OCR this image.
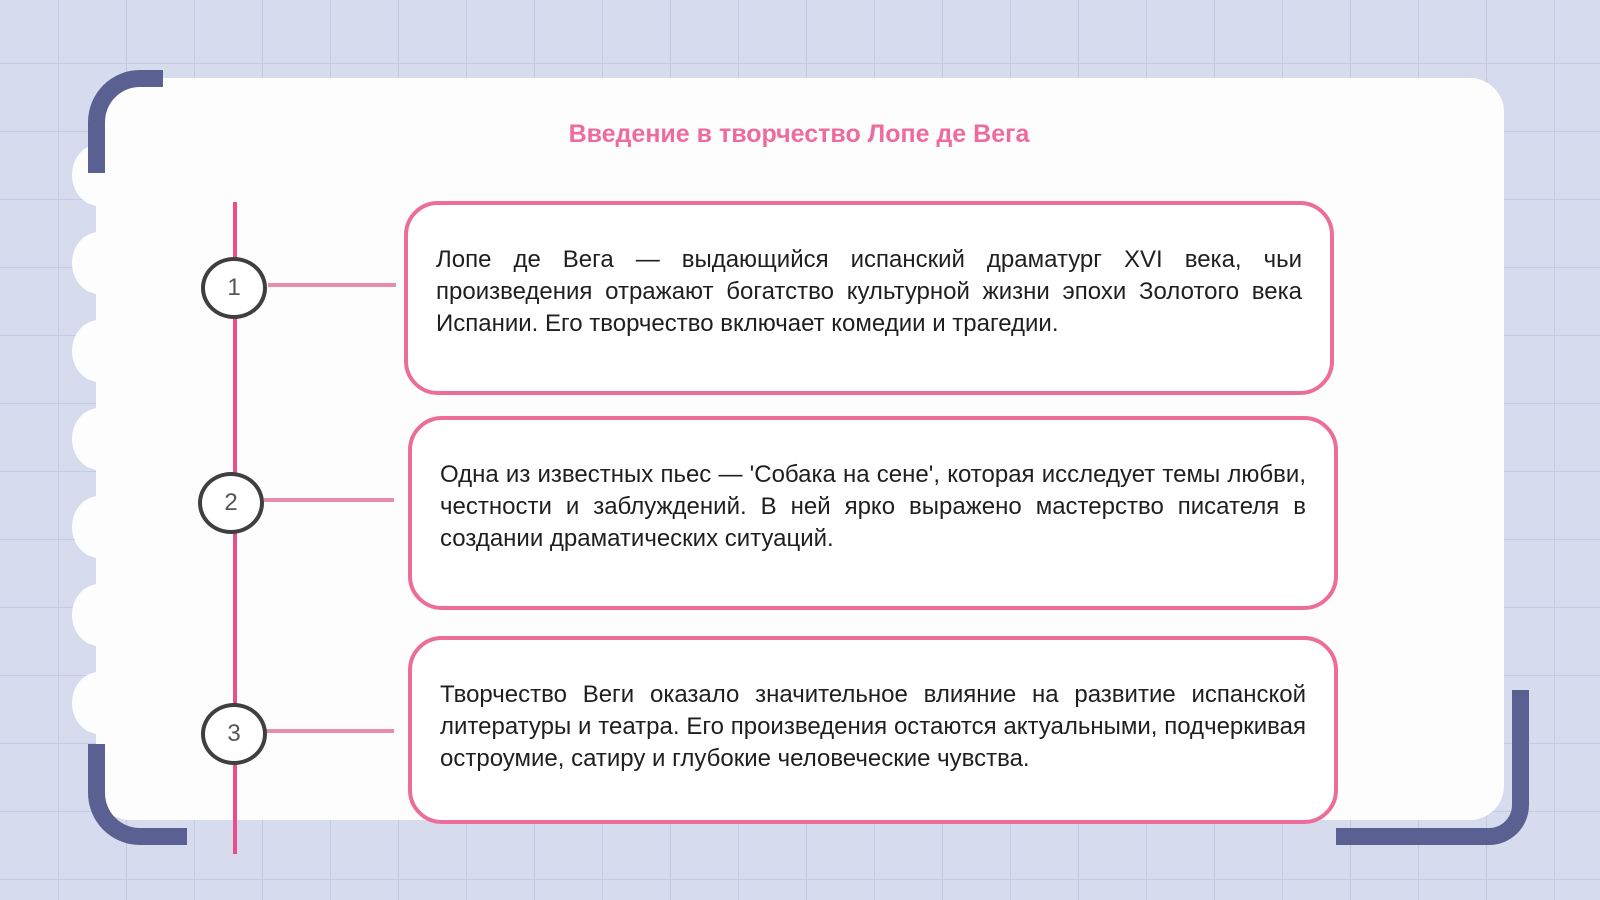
Введение в творчество Лопе де Вега
1

Лопе де Вега — выдающийся испанский драматург XVI века, чьи произведения отражают богатство культурной жизни эпохи Золотого века Испании. Его творчество включает комедии и трагедии.

2

Одна из известных пьес — 'Собака на сене', которая исследует темы любви, честности и заблуждений. В ней ярко выражено мастерство писателя в создании драматических ситуаций.

3

Творчество Веги оказало значительное влияние на развитие испанской литературы и театра. Его произведения остаются актуальными, подчеркивая остроумие, сатиру и глубокие человеческие чувства.
